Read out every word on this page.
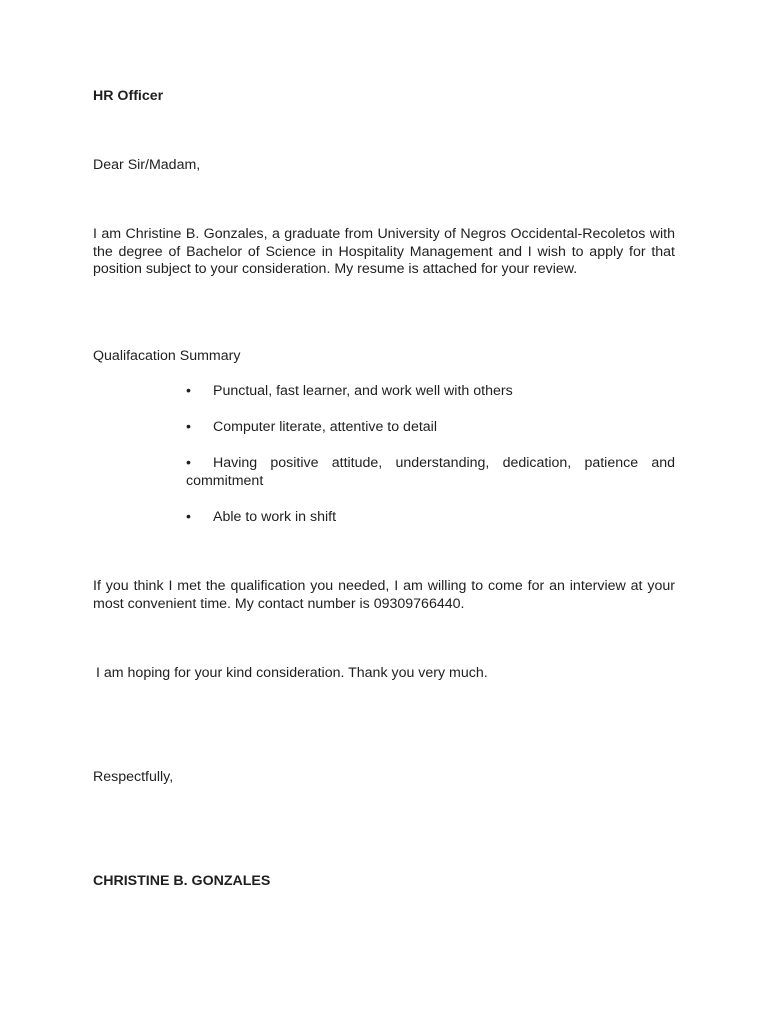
HR Officer
Dear Sir/Madam,

I am Christine B. Gonzales, a graduate from University of Negros Occidental-Recoletos with the degree of Bachelor of Science in Hospitality Management and I wish to apply for that position subject to your consideration. My resume is attached for your review.

Qualifacation Summary
• Punctual, fast learner, and work well with others
• Computer literate, attentive to detail
• Having positive attitude, understanding, dedication, patience and commitment
• Able to work in shift

If you think I met the qualification you needed, I am willing to come for an interview at your most convenient time. My contact number is 09309766440.

I am hoping for your kind consideration. Thank you very much.
Respectfully,
CHRISTINE B. GONZALES
